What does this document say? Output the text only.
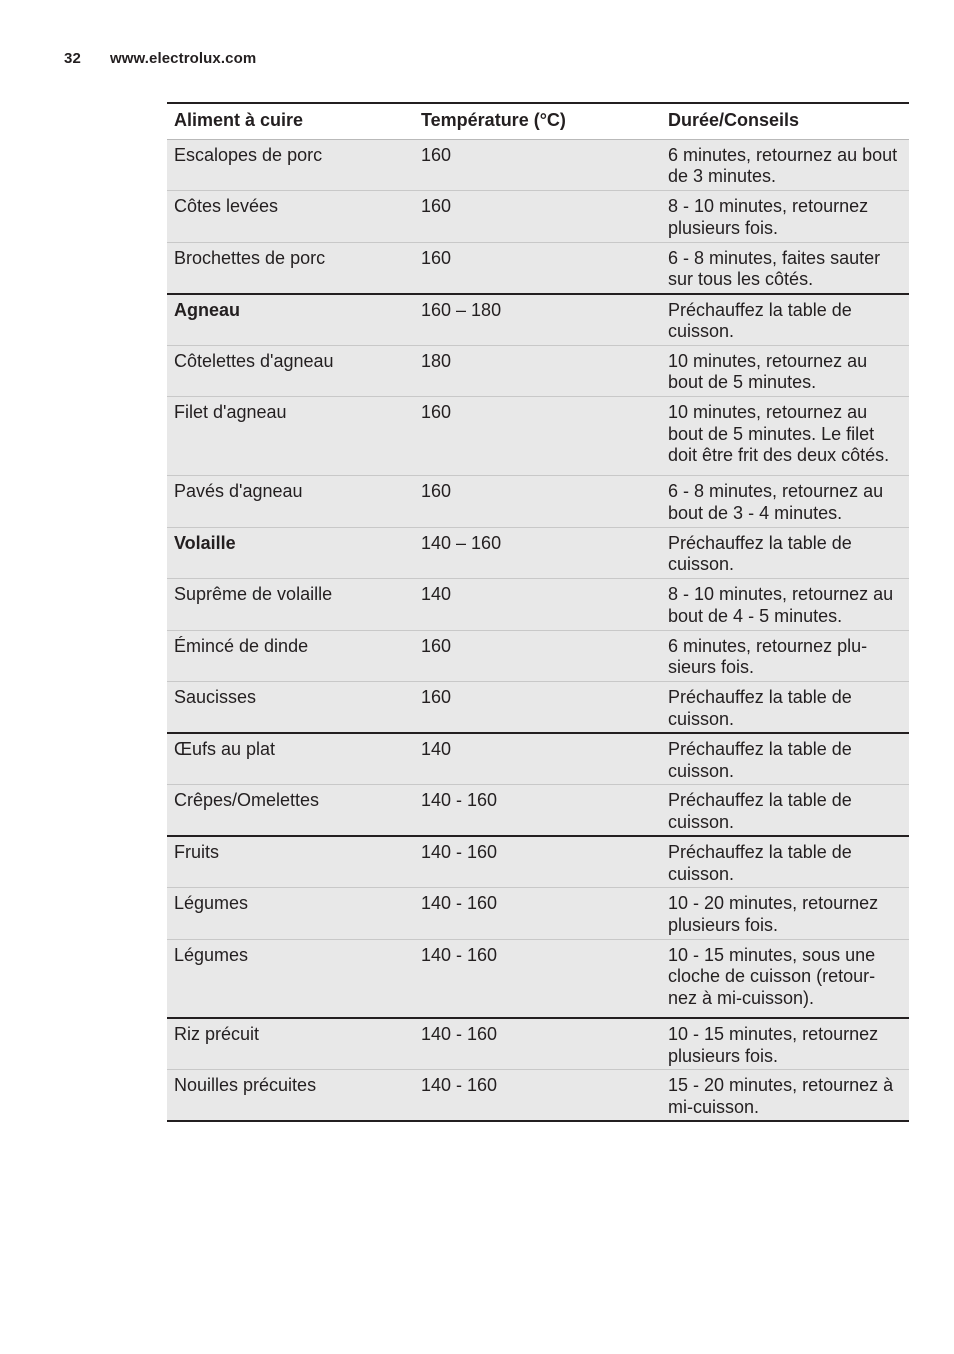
32 www.electrolux.com
Aliment à cuire	Température (°C)	Durée/Conseils
Escalopes de porc	160	6 minutes, retournez au bout de 3 minutes.
Côtes levées	160	8 - 10 minutes, retournez plusieurs fois.
Brochettes de porc	160	6 - 8 minutes, faites sauter sur tous les côtés.
Agneau	160 – 180	Préchauffez la table de cuisson.
Côtelettes d'agneau	180	10 minutes, retournez au bout de 5 minutes.
Filet d'agneau	160	10 minutes, retournez au bout de 5 minutes. Le filet doit être frit des deux côtés.
Pavés d'agneau	160	6 - 8 minutes, retournez au bout de 3 - 4 minutes.
Volaille	140 – 160	Préchauffez la table de cuisson.
Suprême de volaille	140	8 - 10 minutes, retournez au bout de 4 - 5 minutes.
Émincé de dinde	160	6 minutes, retournez plu- sieurs fois.
Saucisses	160	Préchauffez la table de cuisson.
Œufs au plat	140	Préchauffez la table de cuisson.
Crêpes/Omelettes	140 - 160	Préchauffez la table de cuisson.
Fruits	140 - 160	Préchauffez la table de cuisson.
Légumes	140 - 160	10 - 20 minutes, retournez plusieurs fois.
Légumes	140 - 160	10 - 15 minutes, sous une cloche de cuisson (retour- nez à mi-cuisson).
Riz précuit	140 - 160	10 - 15 minutes, retournez plusieurs fois.
Nouilles précuites	140 - 160	15 - 20 minutes, retournez à mi-cuisson.
